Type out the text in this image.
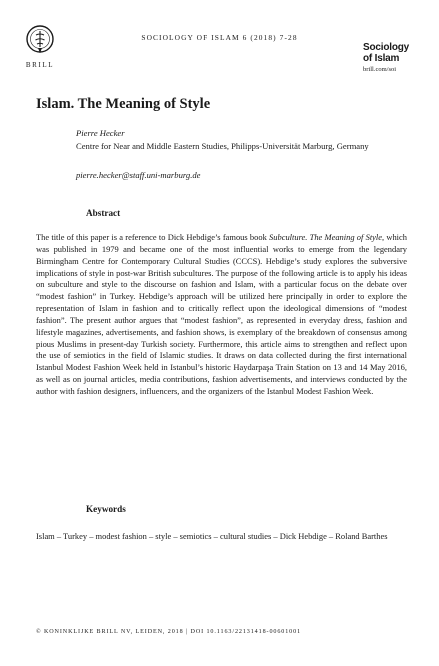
BRILL
SOCIOLOGY OF ISLAM 6 (2018) 7-28
Sociology
of Islam
brill.com/soi
Islam. The Meaning of Style
Pierre Hecker
Centre for Near and Middle Eastern Studies, Philipps-Universität Marburg, Germany
pierre.hecker@staff.uni-marburg.de
Abstract
The title of this paper is a reference to Dick Hebdige’s famous book Subculture. The Meaning of Style, which was published in 1979 and became one of the most influential works to emerge from the legendary Birmingham Centre for Contemporary Cultural Studies (CCCS). Hebdige’s study explores the subversive implications of style in post-war British subcultures. The purpose of the following article is to apply his ideas on subculture and style to the discourse on fashion and Islam, with a particular focus on the debate over “modest fashion” in Turkey. Hebdige’s approach will be utilized here principally in order to explore the representation of Islam in fashion and to critically reflect upon the ideological dimensions of “modest fashion”. The present author argues that “modest fashion”, as represented in everyday dress, fashion and lifestyle magazines, advertisements, and fashion shows, is exemplary of the breakdown of consensus among pious Muslims in present-day Turkish society. Furthermore, this article aims to strengthen and reflect upon the use of semiotics in the field of Islamic studies. It draws on data collected during the first international Istanbul Modest Fashion Week held in Istanbul’s historic Haydarpaşa Train Station on 13 and 14 May 2016, as well as on journal articles, media contributions, fashion advertisements, and interviews conducted by the author with fashion designers, influencers, and the organizers of the Istanbul Modest Fashion Week.
Keywords
Islam – Turkey – modest fashion – style – semiotics – cultural studies – Dick Hebdige – Roland Barthes
© KONINKLIJKE BRILL NV, LEIDEN, 2018 | DOI 10.1163/22131418-00601001
